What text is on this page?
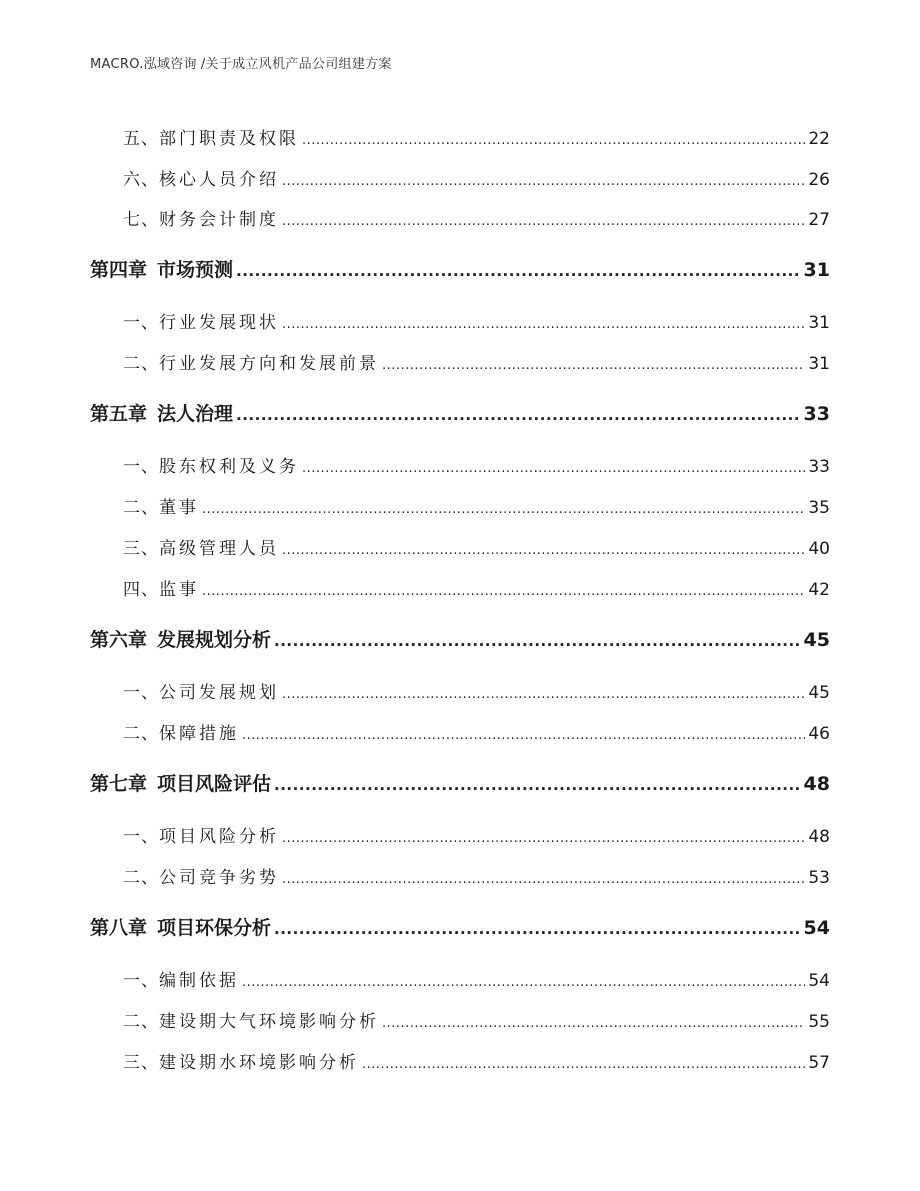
MACRO.泓域咨询 /关于成立风机产品公司组建方案
五、 部门职责及权限 .....	22
六、 核心人员介绍 .....	26
七、 财务会计制度 .....	27
第四章 市场预测 .....	31
一、 行业发展现状 .....	31
二、 行业发展方向和发展前景 .....	31
第五章 法人治理 .....	33
一、 股东权利及义务 .....	33
二、 董事 .....	35
三、 高级管理人员 .....	40
四、 监事 .....	42
第六章 发展规划分析 .....	45
一、 公司发展规划 .....	45
二、 保障措施 .....	46
第七章 项目风险评估 .....	48
一、 项目风险分析 .....	48
二、 公司竞争劣势 .....	53
第八章 项目环保分析 .....	54
一、 编制依据 .....	54
二、 建设期大气环境影响分析 .....	55
三、 建设期水环境影响分析 .....	57
